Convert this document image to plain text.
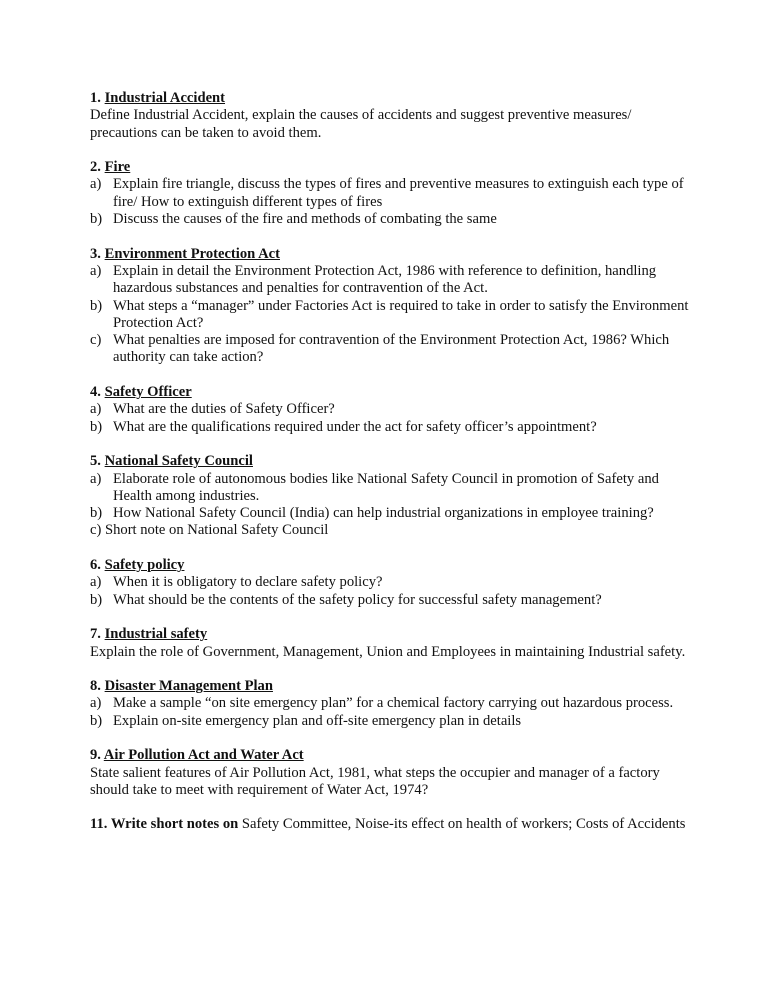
1. Industrial Accident

Define Industrial Accident, explain the causes of accidents and suggest preventive measures/ precautions can be taken to avoid them.

2. Fire
a) Explain fire triangle, discuss the types of fires and preventive measures to extinguish each type of fire/ How to extinguish different types of fires
b) Discuss the causes of the fire and methods of combating the same
3. Environment Protection Act
a) Explain in detail the Environment Protection Act, 1986 with reference to definition, handling hazardous substances and penalties for contravention of the Act.
b) What steps a “manager” under Factories Act is required to take in order to satisfy the Environment Protection Act?
c) What penalties are imposed for contravention of the Environment Protection Act, 1986? Which authority can take action?
4. Safety Officer
a) What are the duties of Safety Officer?
b) What are the qualifications required under the act for safety officer’s appointment?
5. National Safety Council
a) Elaborate role of autonomous bodies like National Safety Council in promotion of Safety and Health among industries.
b) How National Safety Council (India) can help industrial organizations in employee training?
c) Short note on National Safety Council
6. Safety policy
a) When it is obligatory to declare safety policy?
b) What should be the contents of the safety policy for successful safety management?
7. Industrial safety

Explain the role of Government, Management, Union and Employees in maintaining Industrial safety.

8. Disaster Management Plan
a) Make a sample “on site emergency plan” for a chemical factory carrying out hazardous process.
b) Explain on-site emergency plan and off-site emergency plan in details
9. Air Pollution Act and Water Act

State salient features of Air Pollution Act, 1981, what steps the occupier and manager of a factory should take to meet with requirement of Water Act, 1974?

11. Write short notes on Safety Committee, Noise-its effect on health of workers; Costs of Accidents
